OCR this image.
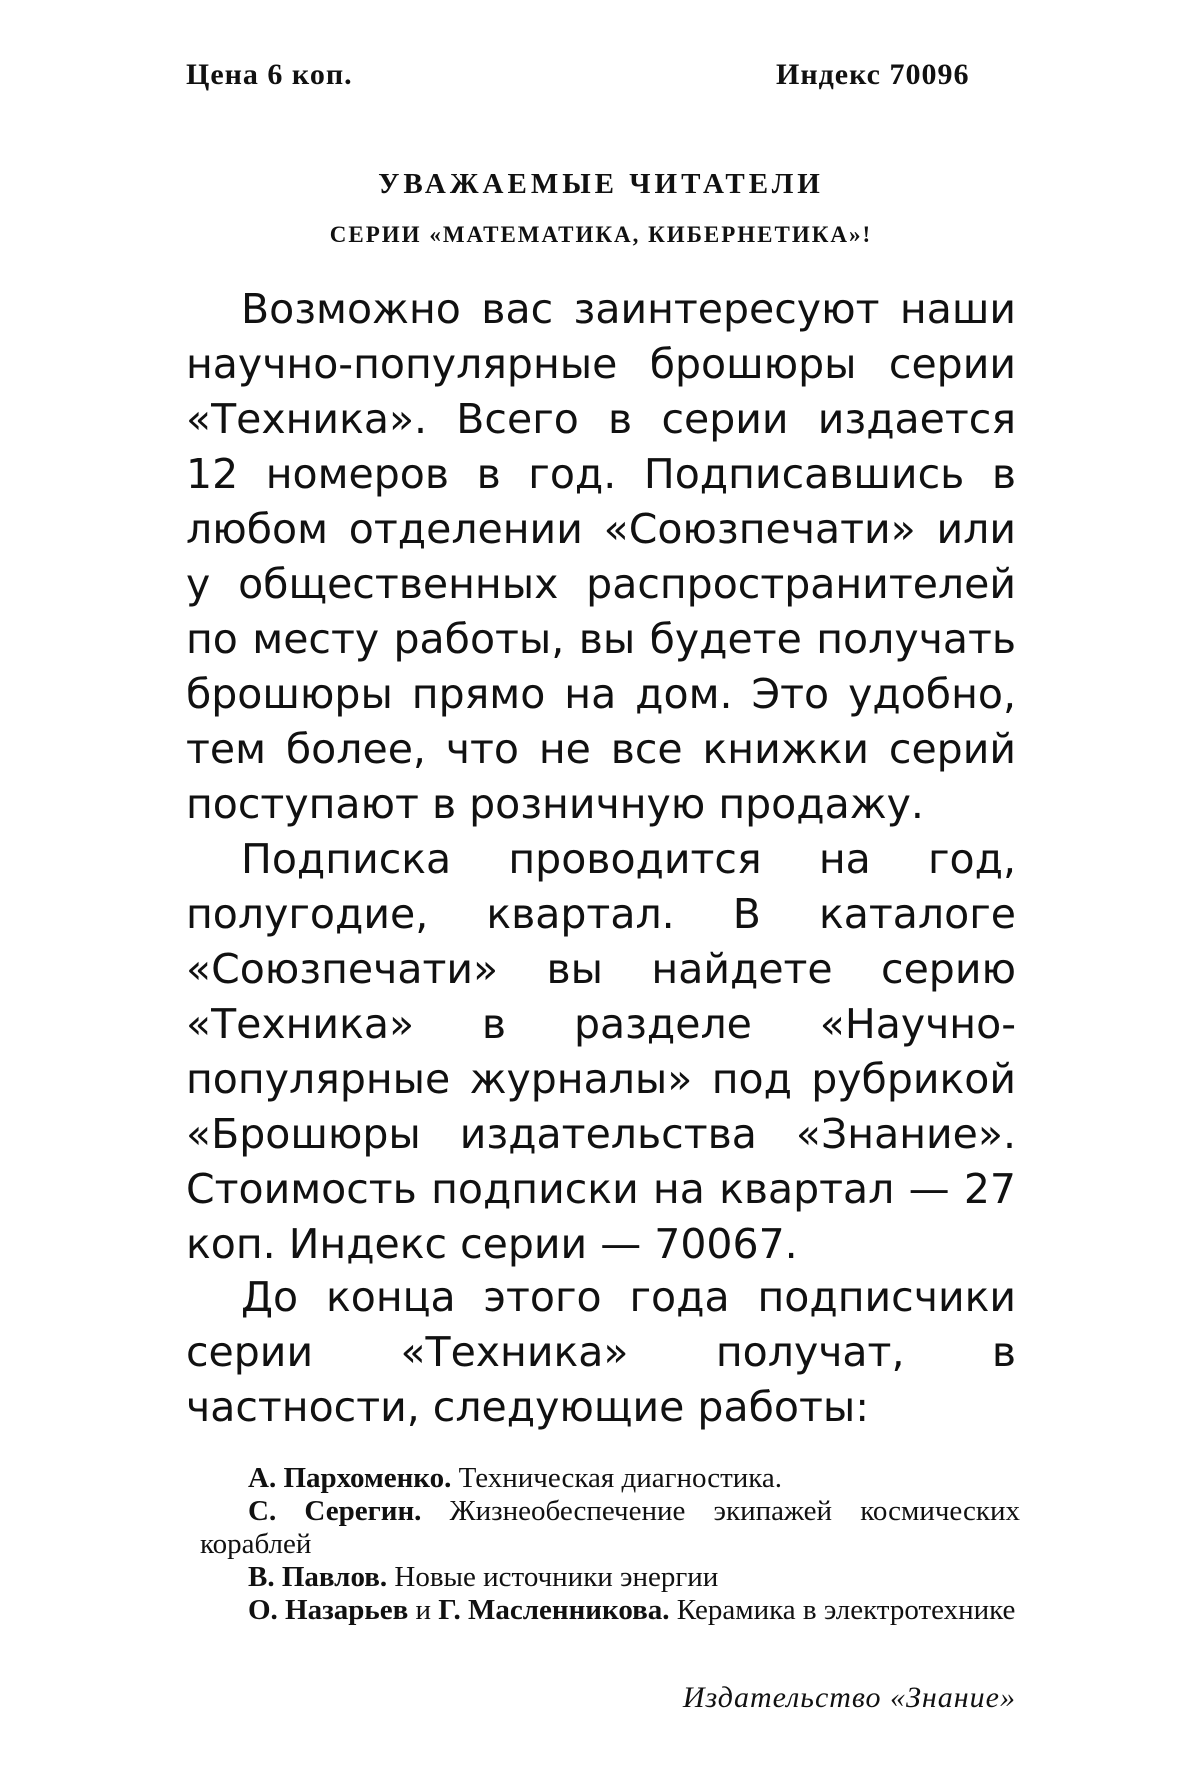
Цена 6 коп.	Индекс 70096
УВАЖАЕМЫЕ ЧИТАТЕЛИ
СЕРИИ «МАТЕМАТИКА, КИБЕРНЕТИКА»!

Возможно вас заинтересуют наши научно-популярные брошюры серии «Техника». Всего в серии издается 12 номеров в год. Подписавшись в любом отделении «Союзпечати» или у общественных распространителей по месту работы, вы будете получать брошюры прямо на дом. Это удобно, тем более, что не все книжки серий поступают в розничную продажу.

Подписка проводится на год, полугодие, квартал. В каталоге «Союзпечати» вы найдете серию «Техника» в разделе «Научно-популярные журналы» под рубрикой «Брошюры издательства «Знание». Стоимость подписки на квартал — 27 коп. Индекс серии — 70067.

До конца этого года подписчики серии «Техника» получат, в частности, следующие работы:

А. Пархоменко. Техническая диагностика.

С. Серегин. Жизнеобеспечение экипажей космических кораблей

В. Павлов. Новые источники энергии

О. Назарьев и Г. Масленникова. Керамика в электротехнике

Издательство «Знание»
